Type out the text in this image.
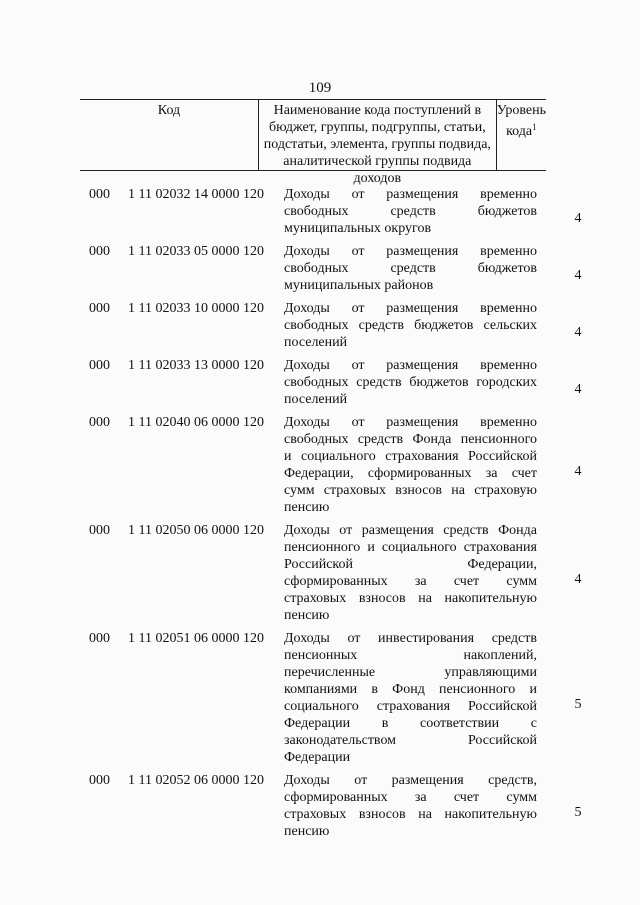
109
Код	Наименование кода поступлений в
бюджет, группы, подгруппы, статьи,
подстатьи, элемента, группы подвида,
аналитической группы подвида доходов
Уровень
кода$^1$
000 1 11 02032 14 0000 120 Доходы от размещения временно
свободных средств бюджетов
муниципальных округов
4
000 1 11 02033 05 0000 120 Доходы от размещения временно
свободных средств бюджетов
муниципальных районов
4
000 1 11 02033 10 0000 120 Доходы от размещения временно
свободных средств бюджетов сельских
поселений
4
000 1 11 02033 13 0000 120 Доходы от размещения временно
свободных средств бюджетов городских
поселений
4
000 1 11 02040 06 0000 120 Доходы от размещения временно
свободных средств Фонда пенсионного
и социального страхования Российской
Федерации, сформированных за счет
сумм страховых взносов на страховую
пенсию
4
000 1 11 02050 06 0000 120 Доходы от размещения средств Фонда
пенсионного и социального страхования
Российской Федерации,
сформированных за счет сумм
страховых взносов на накопительную
пенсию
4
000 1 11 02051 06 0000 120 Доходы от инвестирования средств
пенсионных накоплений,
перечисленные управляющими
компаниями в Фонд пенсионного и
социального страхования Российской
Федерации в соответствии с
законодательством Российской
Федерации
5
000 1 11 02052 06 0000 120 Доходы от размещения средств,
сформированных за счет сумм
страховых взносов на накопительную
пенсию
5
